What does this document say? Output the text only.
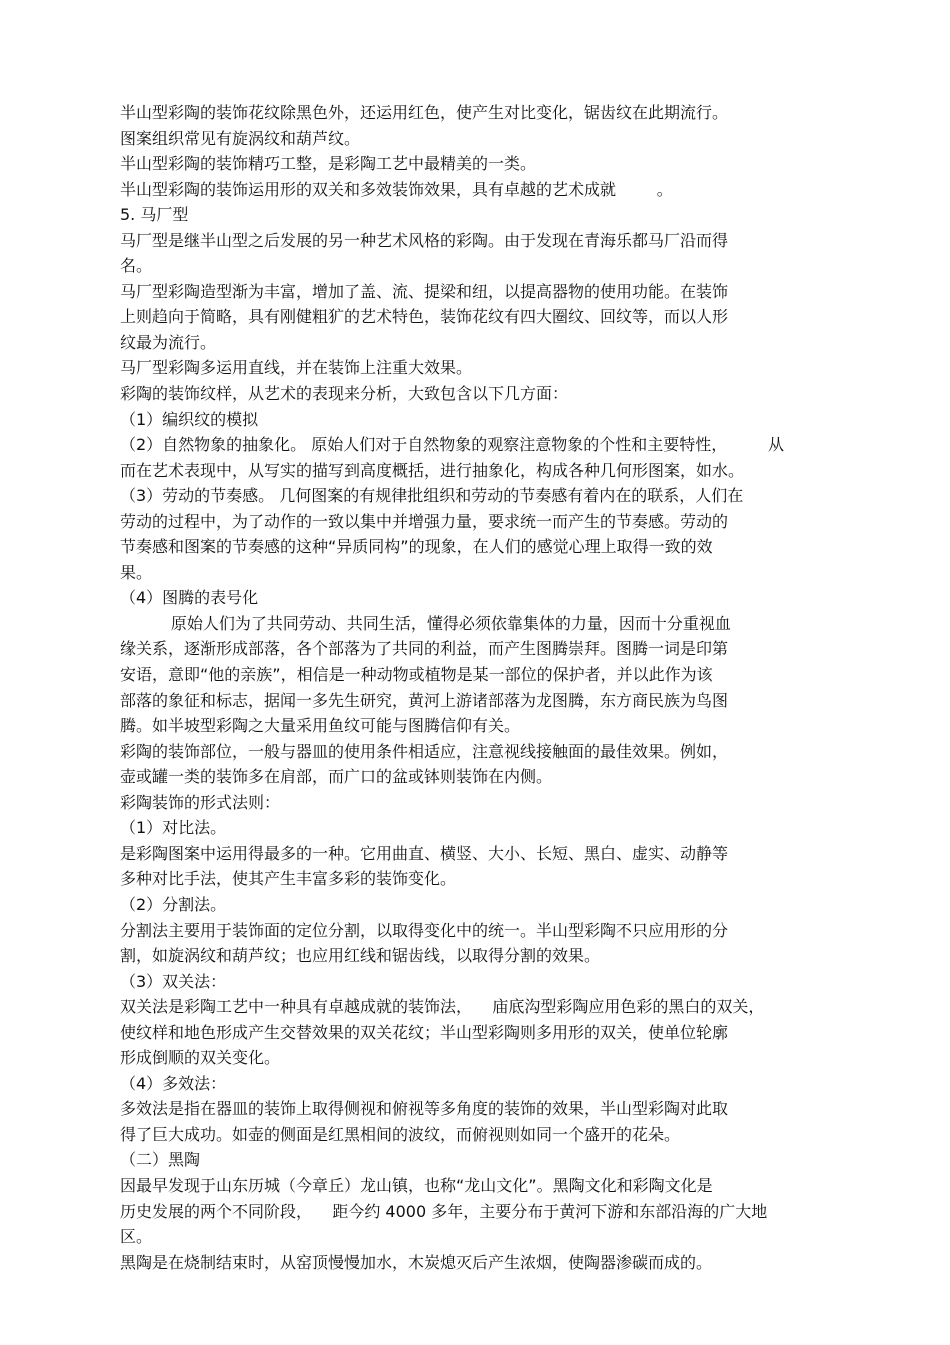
半山型彩陶的装饰花纹除黑色外，还运用红色，使产生对比变化，锯齿纹在此期流行。
图案组织常见有旋涡纹和葫芦纹。
半山型彩陶的装饰精巧工整，是彩陶工艺中最精美的一类。
半山型彩陶的装饰运用形的双关和多效装饰效果，具有卓越的艺术成就        。
5. 马厂型
马厂型是继半山型之后发展的另一种艺术风格的彩陶。由于发现在青海乐都马厂沿而得
名。
马厂型彩陶造型渐为丰富，增加了盖、流、提梁和纽，以提高器物的使用功能。在装饰
上则趋向于简略，具有刚健粗犷的艺术特色，装饰花纹有四大圈纹、回纹等，而以人形
纹最为流行。
马厂型彩陶多运用直线，并在装饰上注重大效果。
彩陶的装饰纹样，从艺术的表现来分析，大致包含以下几方面：
（1）编织纹的模拟
（2）自然物象的抽象化。 原始人们对于自然物象的观察注意物象的个性和主要特性，        从
而在艺术表现中，从写实的描写到高度概括，进行抽象化，构成各种几何形图案，如水。
（3）劳动的节奏感。 几何图案的有规律批组织和劳动的节奏感有着内在的联系，人们在
劳动的过程中，为了动作的一致以集中并增强力量，要求统一而产生的节奏感。劳动的
节奏感和图案的节奏感的这种“异质同构”的现象，在人们的感觉心理上取得一致的效
果。
（4）图腾的表号化
原始人们为了共同劳动、共同生活，懂得必须依靠集体的力量，因而十分重视血
缘关系，逐渐形成部落，各个部落为了共同的利益，而产生图腾崇拜。图腾一词是印第
安语，意即“他的亲族”，相信是一种动物或植物是某一部位的保护者，并以此作为该
部落的象征和标志，据闻一多先生研究，黄河上游诸部落为龙图腾，东方商民族为鸟图
腾。如半坡型彩陶之大量采用鱼纹可能与图腾信仰有关。
彩陶的装饰部位，一般与器皿的使用条件相适应，注意视线接触面的最佳效果。例如，
壶或罐一类的装饰多在肩部，而广口的盆或钵则装饰在内侧。
彩陶装饰的形式法则：
（1）对比法。
是彩陶图案中运用得最多的一种。它用曲直、横竖、大小、长短、黑白、虚实、动静等
多种对比手法，使其产生丰富多彩的装饰变化。
（2）分割法。
分割法主要用于装饰面的定位分割，以取得变化中的统一。半山型彩陶不只应用形的分
割，如旋涡纹和葫芦纹；也应用红线和锯齿线，以取得分割的效果。
（3）双关法：
双关法是彩陶工艺中一种具有卓越成就的装饰法，    庙底沟型彩陶应用色彩的黑白的双关，
使纹样和地色形成产生交替效果的双关花纹；半山型彩陶则多用形的双关，使单位轮廓
形成倒顺的双关变化。
（4）多效法：
多效法是指在器皿的装饰上取得侧视和俯视等多角度的装饰的效果，半山型彩陶对此取
得了巨大成功。如壶的侧面是红黑相间的波纹，而俯视则如同一个盛开的花朵。
（二）黑陶
因最早发现于山东历城（今章丘）龙山镇，也称“龙山文化”。黑陶文化和彩陶文化是
历史发展的两个不同阶段，    距今约 4000 多年，主要分布于黄河下游和东部沿海的广大地
区。
黑陶是在烧制结束时，从窑顶慢慢加水，木炭熄灭后产生浓烟，使陶器渗碳而成的。
